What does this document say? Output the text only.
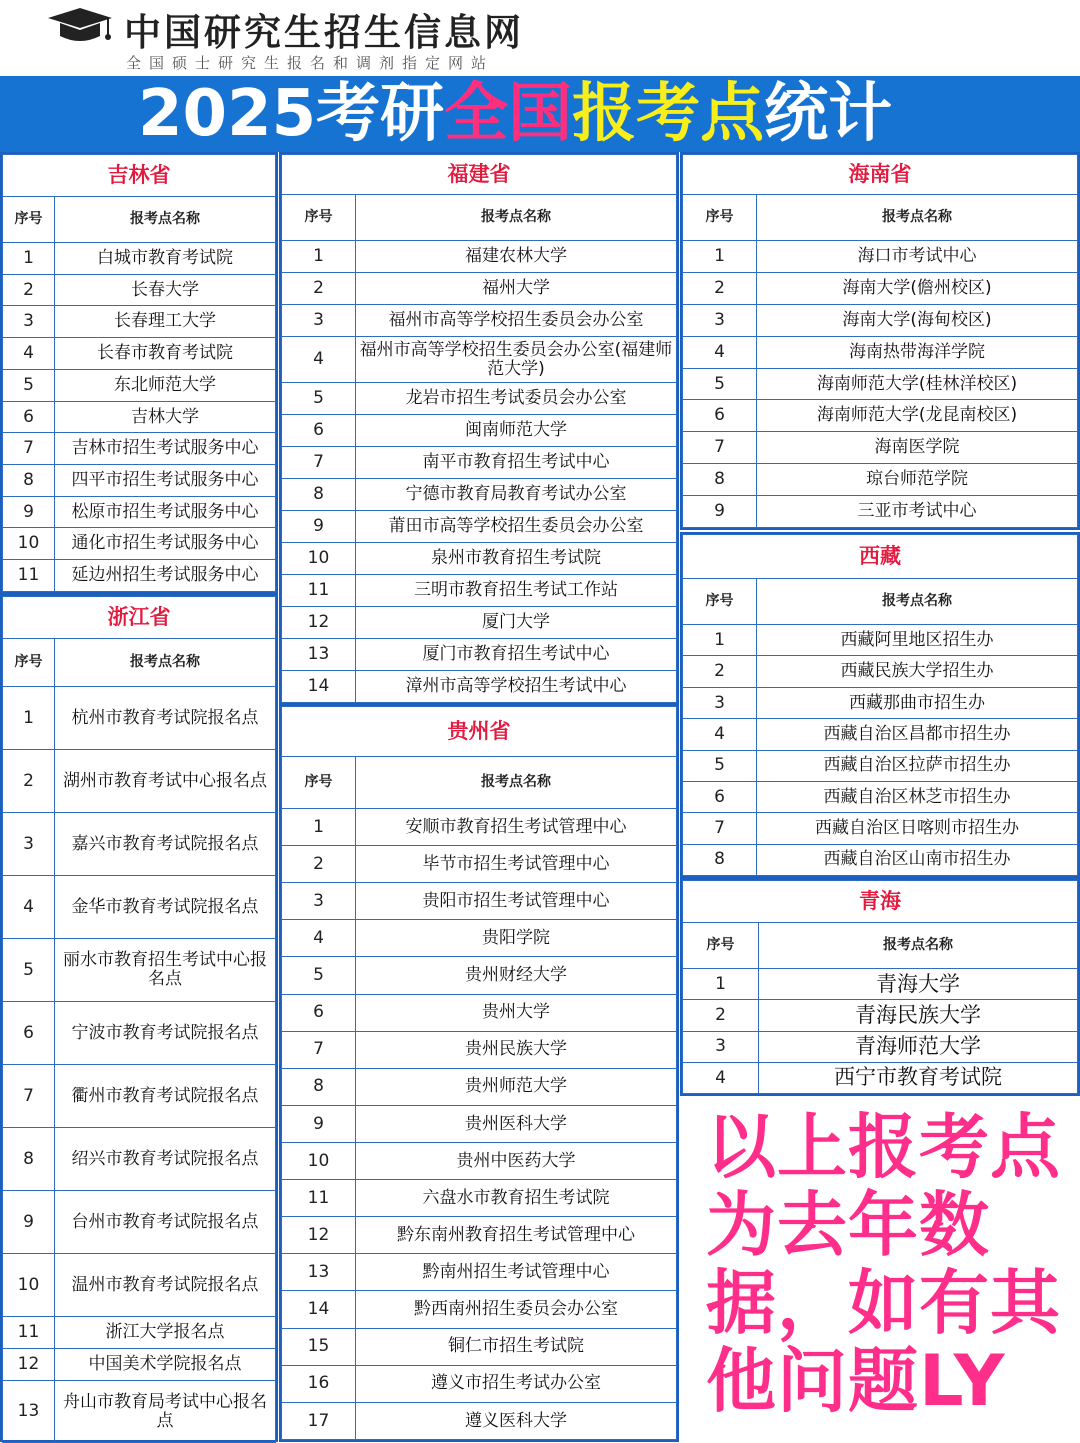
中国研究生招生信息网
全国硕士研究生报名和调剂指定网站
2025考研全国报考点统计
吉林省	
序号	报考点名称
1	白城市教育考试院
2	长春大学
3	长春理工大学
4	长春市教育考试院
5	东北师范大学
6	吉林大学
7	吉林市招生考试服务中心
8	四平市招生考试服务中心
9	松原市招生考试服务中心
10	通化市招生考试服务中心
11	延边州招生考试服务中心
浙江省	
序号	报考点名称
1	杭州市教育考试院报名点
2	湖州市教育考试中心报名点
3	嘉兴市教育考试院报名点
4	金华市教育考试院报名点
5	丽水市教育招生考试中心报名点
6	宁波市教育考试院报名点
7	衢州市教育考试院报名点
8	绍兴市教育考试院报名点
9	台州市教育考试院报名点
10	温州市教育考试院报名点
11	浙江大学报名点
12	中国美术学院报名点
13	舟山市教育局考试中心报名点
福建省	
序号	报考点名称
1	福建农林大学
2	福州大学
3	福州市高等学校招生委员会办公室
4	福州市高等学校招生委员会办公室(福建师范大学)
5	龙岩市招生考试委员会办公室
6	闽南师范大学
7	南平市教育招生考试中心
8	宁德市教育局教育考试办公室
9	莆田市高等学校招生委员会办公室
10	泉州市教育招生考试院
11	三明市教育招生考试工作站
12	厦门大学
13	厦门市教育招生考试中心
14	漳州市高等学校招生考试中心
贵州省	
序号	报考点名称
1	安顺市教育招生考试管理中心
2	毕节市招生考试管理中心
3	贵阳市招生考试管理中心
4	贵阳学院
5	贵州财经大学
6	贵州大学
7	贵州民族大学
8	贵州师范大学
9	贵州医科大学
10	贵州中医药大学
11	六盘水市教育招生考试院
12	黔东南州教育招生考试管理中心
13	黔南州招生考试管理中心
14	黔西南州招生委员会办公室
15	铜仁市招生考试院
16	遵义市招生考试办公室
17	遵义医科大学
海南省	
序号	报考点名称
1	海口市考试中心
2	海南大学(儋州校区)
3	海南大学(海甸校区)
4	海南热带海洋学院
5	海南师范大学(桂林洋校区)
6	海南师范大学(龙昆南校区)
7	海南医学院
8	琼台师范学院
9	三亚市考试中心
西藏	
序号	报考点名称
1	西藏阿里地区招生办
2	西藏民族大学招生办
3	西藏那曲市招生办
4	西藏自治区昌都市招生办
5	西藏自治区拉萨市招生办
6	西藏自治区林芝市招生办
7	西藏自治区日喀则市招生办
8	西藏自治区山南市招生办
青海	
序号	报考点名称
1	青海大学
2	青海民族大学
3	青海师范大学
4	西宁市教育考试院
以上报考点
为去年数
据，如有其
他问题LY
